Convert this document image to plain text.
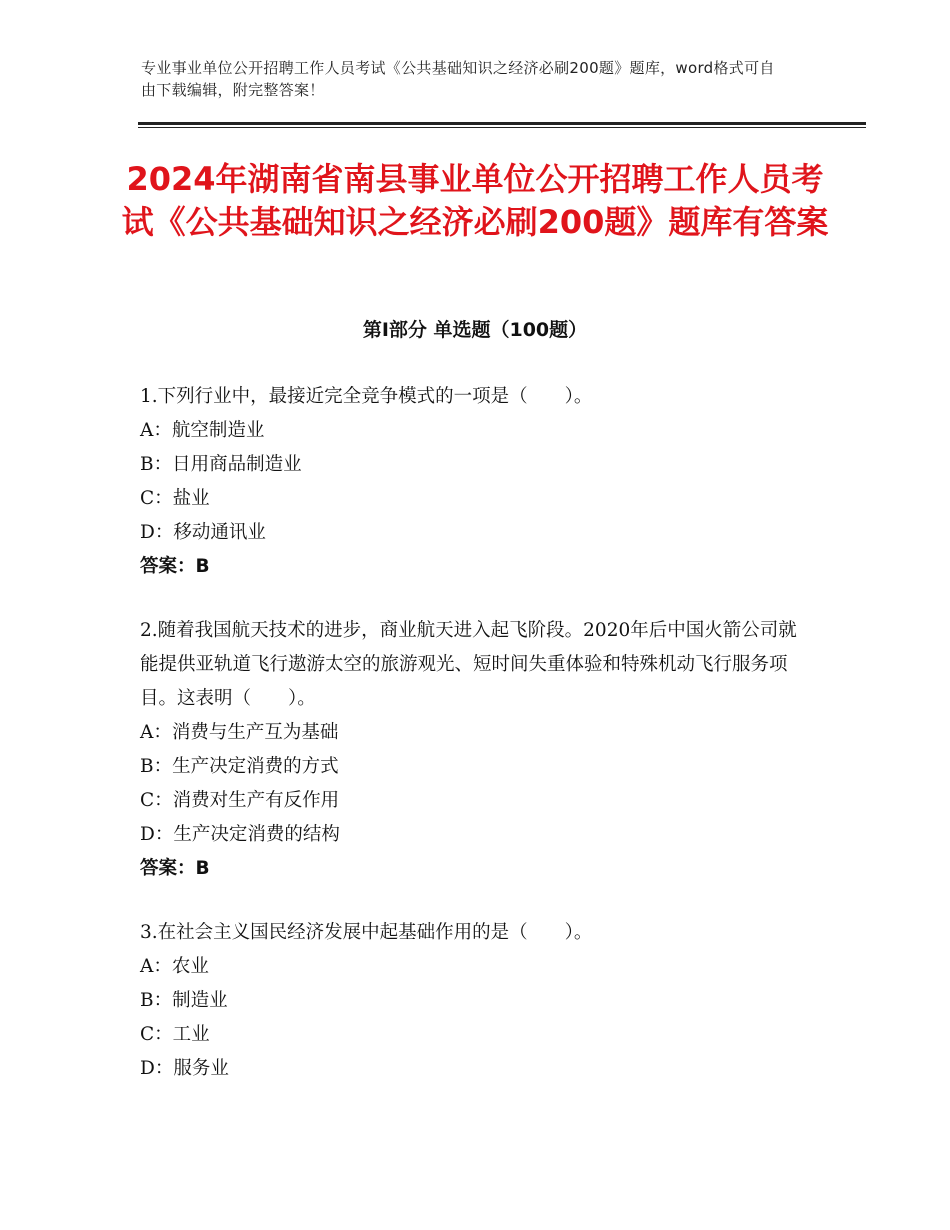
专业事业单位公开招聘工作人员考试《公共基础知识之经济必刷200题》题库，word格式可自由下载编辑，附完整答案！
2024年湖南省南县事业单位公开招聘工作人员考试《公共基础知识之经济必刷200题》题库有答案
第Ⅰ部分 单选题（100题）
1.下列行业中，最接近完全竞争模式的一项是（　　）。
A：航空制造业
B：日用商品制造业
C：盐业
D：移动通讯业
答案：B
2.随着我国航天技术的进步，商业航天进入起飞阶段。2020年后中国火箭公司就能提供亚轨道飞行遨游太空的旅游观光、短时间失重体验和特殊机动飞行服务项目。这表明（　　）。
A：消费与生产互为基础
B：生产决定消费的方式
C：消费对生产有反作用
D：生产决定消费的结构
答案：B
3.在社会主义国民经济发展中起基础作用的是（　　）。
A：农业
B：制造业
C：工业
D：服务业
